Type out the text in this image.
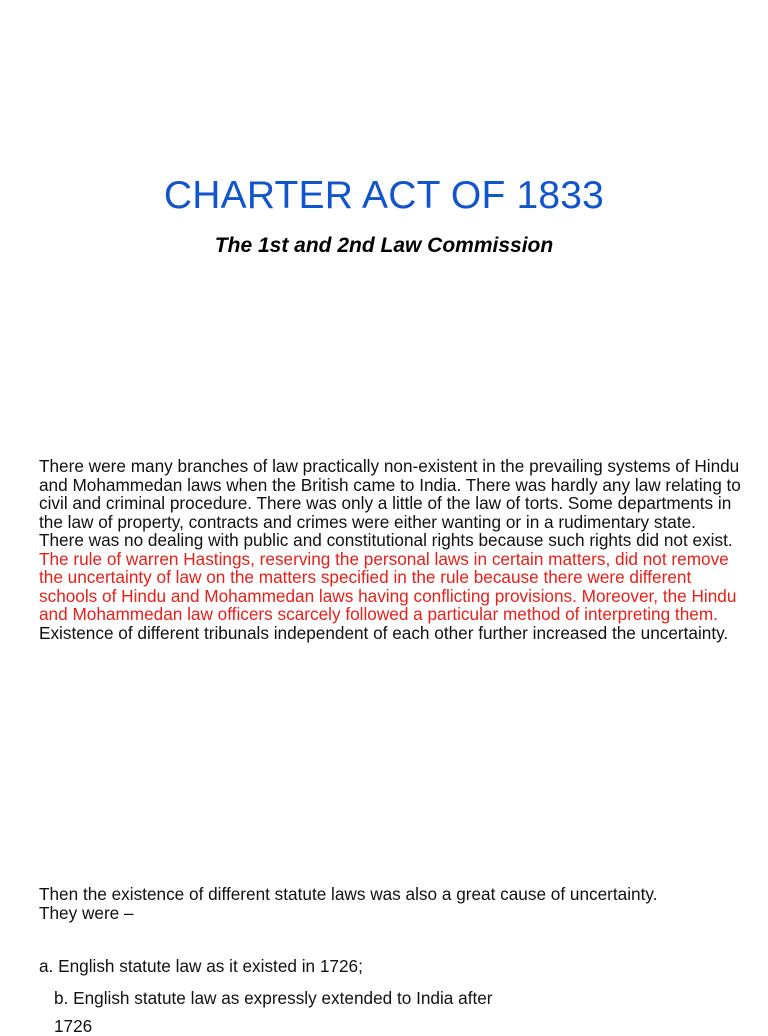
CHARTER ACT OF 1833
The 1st and 2nd Law Commission

There were many branches of law practically non-existent in the prevailing systems of Hindu and Mohammedan laws when the British came to India. There was hardly any law relating to civil and criminal procedure. There was only a little of the law of torts. Some departments in the law of property, contracts and crimes were either wanting or in a rudimentary state. There was no dealing with public and constitutional rights because such rights did not exist. The rule of warren Hastings, reserving the personal laws in certain matters, did not remove the uncertainty of law on the matters specified in the rule because there were different schools of Hindu and Mohammedan laws having conflicting provisions. Moreover, the Hindu and Mohammedan law officers scarcely followed a particular method of interpreting them.
Existence of different tribunals independent of each other further increased the uncertainty.

Then the existence of different statute laws was also a great cause of uncertainty.
They were –

a. English statute law as it existed in 1726;

b. English statute law as expressly extended to India after

1726
